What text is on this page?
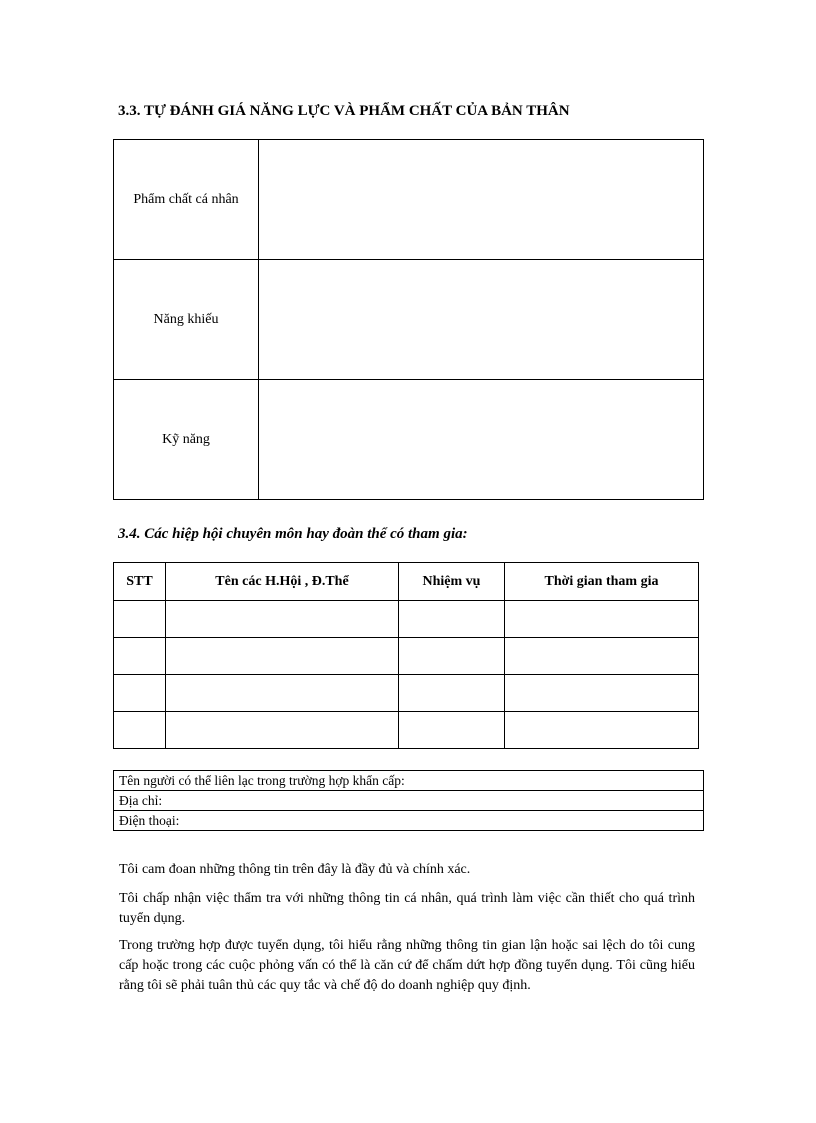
3.3. TỰ ĐÁNH GIÁ NĂNG LỰC VÀ PHẨM CHẤT CỦA BẢN THÂN
Phẩm chất cá nhân	
Năng khiếu	
Kỹ năng	
3.4. Các hiệp hội chuyên môn hay đoàn thể có tham gia:
STT	Tên các H.Hội , Đ.Thể	Nhiệm vụ	Thời gian tham gia

Tên người có thể liên lạc trong trường hợp khẩn cấp:
Địa chỉ:
Điện thoại:

Tôi cam đoan những thông tin trên đây là đầy đủ và chính xác.

Tôi chấp nhận việc thẩm tra với những thông tin cá nhân, quá trình làm việc cần thiết cho quá trình tuyển dụng.

Trong trường hợp được tuyển dụng, tôi hiểu rằng những thông tin gian lận hoặc sai lệch do tôi cung cấp hoặc trong các cuộc phỏng vấn có thể là căn cứ để chấm dứt hợp đồng tuyển dụng. Tôi cũng hiểu rằng tôi sẽ phải tuân thủ các quy tắc và chế độ do doanh nghiệp quy định.
